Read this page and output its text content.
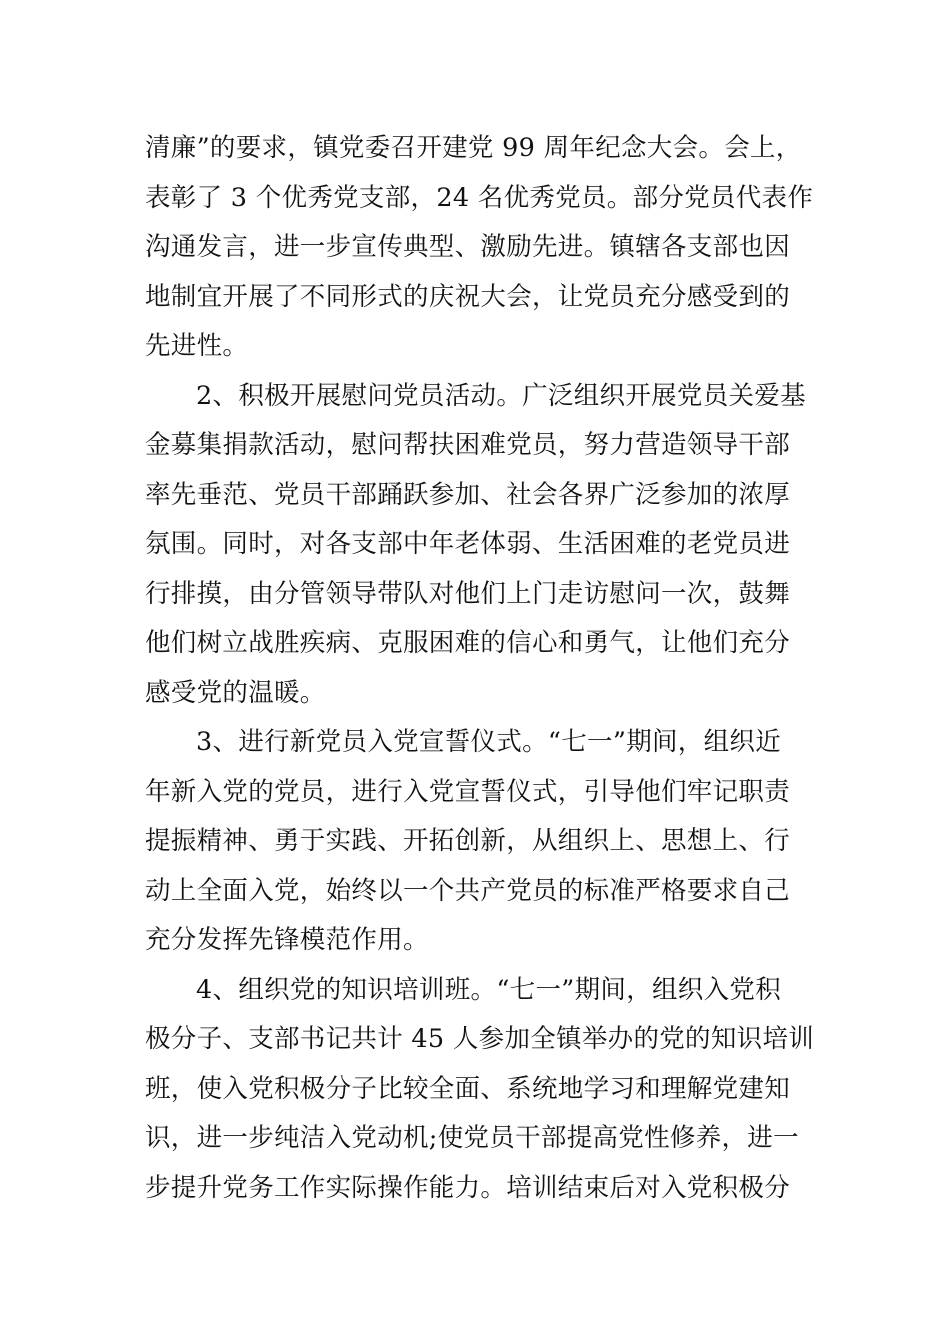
清廉”的要求，镇党委召开建党 99 周年纪念大会。会上，
表彰了 3 个优秀党支部，24 名优秀党员。部分党员代表作
沟通发言，进一步宣传典型、激励先进。镇辖各支部也因
地制宜开展了不同形式的庆祝大会，让党员充分感受到的
先进性。
2、积极开展慰问党员活动。广泛组织开展党员关爱基
金募集捐款活动，慰问帮扶困难党员，努力营造领导干部
率先垂范、党员干部踊跃参加、社会各界广泛参加的浓厚
氛围。同时，对各支部中年老体弱、生活困难的老党员进
行排摸，由分管领导带队对他们上门走访慰问一次，鼓舞
他们树立战胜疾病、克服困难的信心和勇气，让他们充分
感受党的温暖。
3、进行新党员入党宣誓仪式。“七一”期间，组织近
年新入党的党员，进行入党宣誓仪式，引导他们牢记职责
提振精神、勇于实践、开拓创新，从组织上、思想上、行
动上全面入党，始终以一个共产党员的标准严格要求自己
充分发挥先锋模范作用。
4、组织党的知识培训班。“七一”期间，组织入党积
极分子、支部书记共计 45 人参加全镇举办的党的知识培训
班，使入党积极分子比较全面、系统地学习和理解党建知
识，进一步纯洁入党动机;使党员干部提高党性修养，进一
步提升党务工作实际操作能力。培训结束后对入党积极分
